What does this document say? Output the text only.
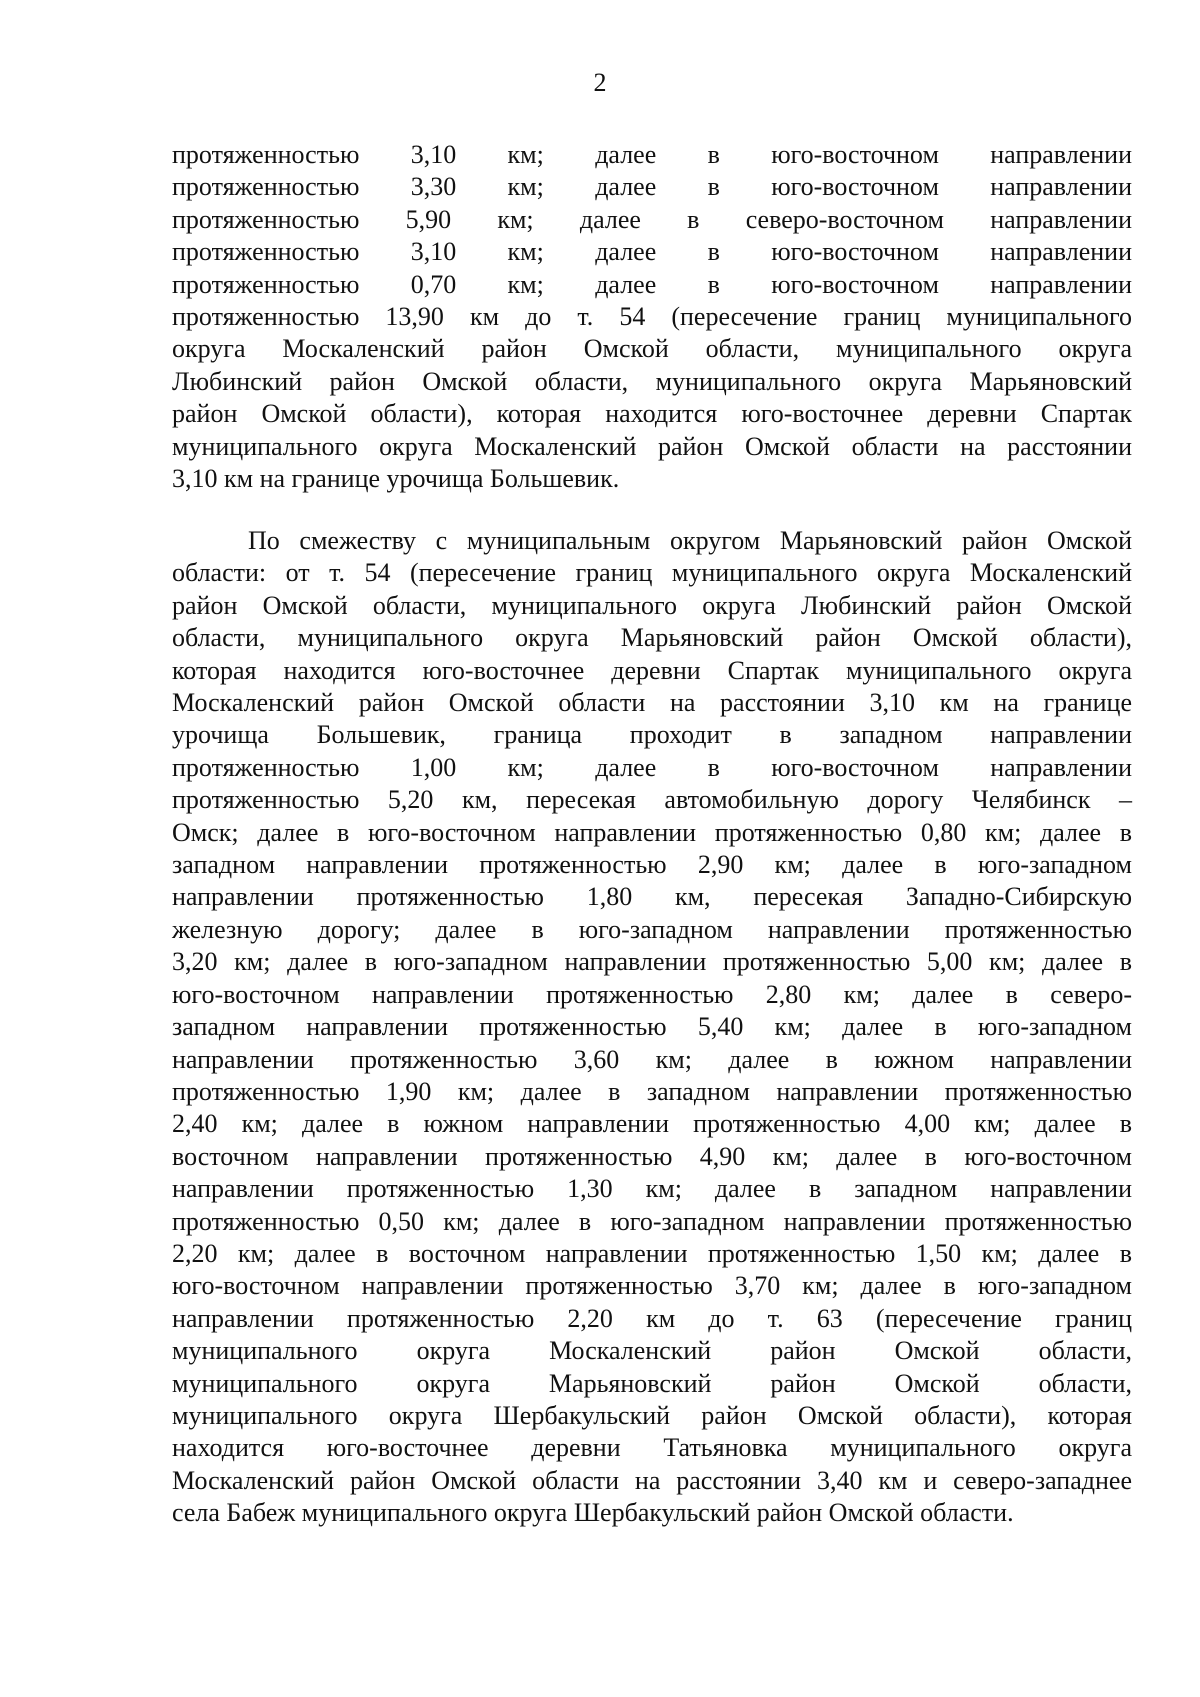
2
протяженностью 3,10 км; далее в юго-восточном направлении
протяженностью 3,30 км; далее в юго-восточном направлении
протяженностью 5,90 км; далее в северо-восточном направлении
протяженностью 3,10 км; далее в юго-восточном направлении
протяженностью 0,70 км; далее в юго-восточном направлении
протяженностью 13,90 км до т. 54 (пересечение границ муниципального
округа Москаленский район Омской области, муниципального округа
Любинский район Омской области, муниципального округа Марьяновский
район Омской области), которая находится юго-восточнее деревни Спартак
муниципального округа Москаленский район Омской области на расстоянии
3,10 км на границе урочища Большевик.
По смежеству с муниципальным округом Марьяновский район Омской
области: от т. 54 (пересечение границ муниципального округа Москаленский
район Омской области, муниципального округа Любинский район Омской
области, муниципального округа Марьяновский район Омской области),
которая находится юго-восточнее деревни Спартак муниципального округа
Москаленский район Омской области на расстоянии 3,10 км на границе
урочища Большевик, граница проходит в западном направлении
протяженностью 1,00 км; далее в юго-восточном направлении
протяженностью 5,20 км, пересекая автомобильную дорогу Челябинск –
Омск; далее в юго-восточном направлении протяженностью 0,80 км; далее в
западном направлении протяженностью 2,90 км; далее в юго-западном
направлении протяженностью 1,80 км, пересекая Западно-Сибирскую
железную дорогу; далее в юго-западном направлении протяженностью
3,20 км; далее в юго-западном направлении протяженностью 5,00 км; далее в
юго-восточном направлении протяженностью 2,80 км; далее в северо-
западном направлении протяженностью 5,40 км; далее в юго-западном
направлении протяженностью 3,60 км; далее в южном направлении
протяженностью 1,90 км; далее в западном направлении протяженностью
2,40 км; далее в южном направлении протяженностью 4,00 км; далее в
восточном направлении протяженностью 4,90 км; далее в юго-восточном
направлении протяженностью 1,30 км; далее в западном направлении
протяженностью 0,50 км; далее в юго-западном направлении протяженностью
2,20 км; далее в восточном направлении протяженностью 1,50 км; далее в
юго-восточном направлении протяженностью 3,70 км; далее в юго-западном
направлении протяженностью 2,20 км до т. 63 (пересечение границ
муниципального округа Москаленский район Омской области,
муниципального округа Марьяновский район Омской области,
муниципального округа Шербакульский район Омской области), которая
находится юго-восточнее деревни Татьяновка муниципального округа
Москаленский район Омской области на расстоянии 3,40 км и северо-западнее
села Бабеж муниципального округа Шербакульский район Омской области.
